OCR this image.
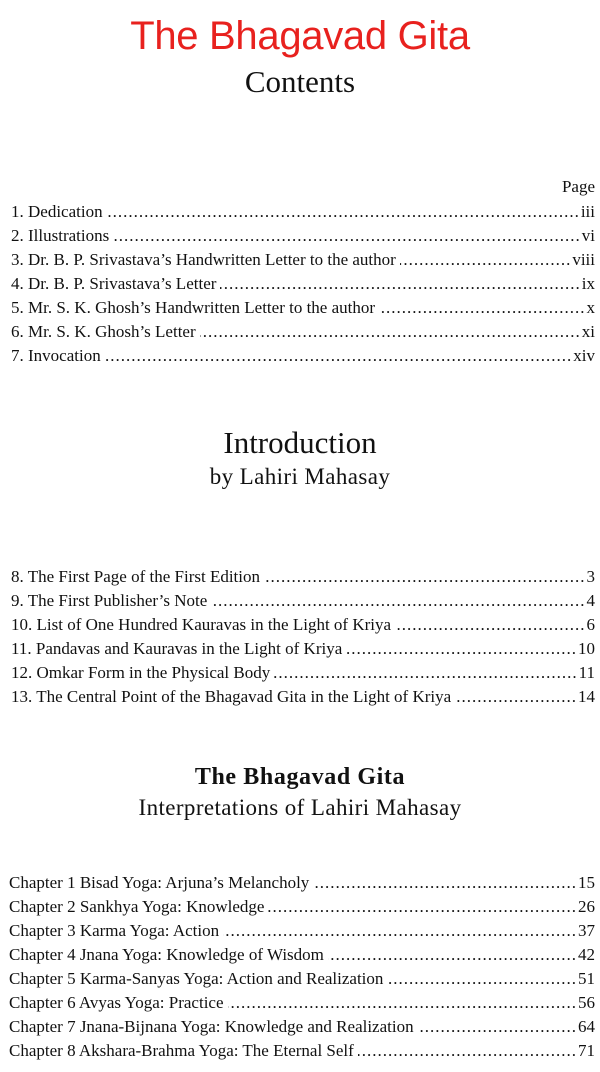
The Bhagavad Gita
Contents
Page
1. Dedication .....	iii
2. Illustrations .....	vi
3. Dr. B. P. Srivastava’s Handwritten Letter to the author .....	viii
4. Dr. B. P. Srivastava’s Letter .....	ix
5. Mr. S. K. Ghosh’s Handwritten Letter to the author .....	x
6. Mr. S. K. Ghosh’s Letter .....	xi
7. Invocation .....	xiv
Introduction
by Lahiri Mahasay
8. The First Page of the First Edition .....	3
9. The First Publisher’s Note .....	4
10. List of One Hundred Kauravas in the Light of Kriya .....	6
11. Pandavas and Kauravas in the Light of Kriya .....	10
12. Omkar Form in the Physical Body .....	11
13. The Central Point of the Bhagavad Gita in the Light of Kriya .....	14
The Bhagavad Gita
Interpretations of Lahiri Mahasay
Chapter 1 Bisad Yoga: Arjuna’s Melancholy .....	15
Chapter 2 Sankhya Yoga: Knowledge .....	26
Chapter 3 Karma Yoga: Action .....	37
Chapter 4 Jnana Yoga: Knowledge of Wisdom .....	42
Chapter 5 Karma-Sanyas Yoga: Action and Realization .....	51
Chapter 6 Avyas Yoga: Practice .....	56
Chapter 7 Jnana-Bijnana Yoga: Knowledge and Realization .....	64
Chapter 8 Akshara-Brahma Yoga: The Eternal Self .....	71
